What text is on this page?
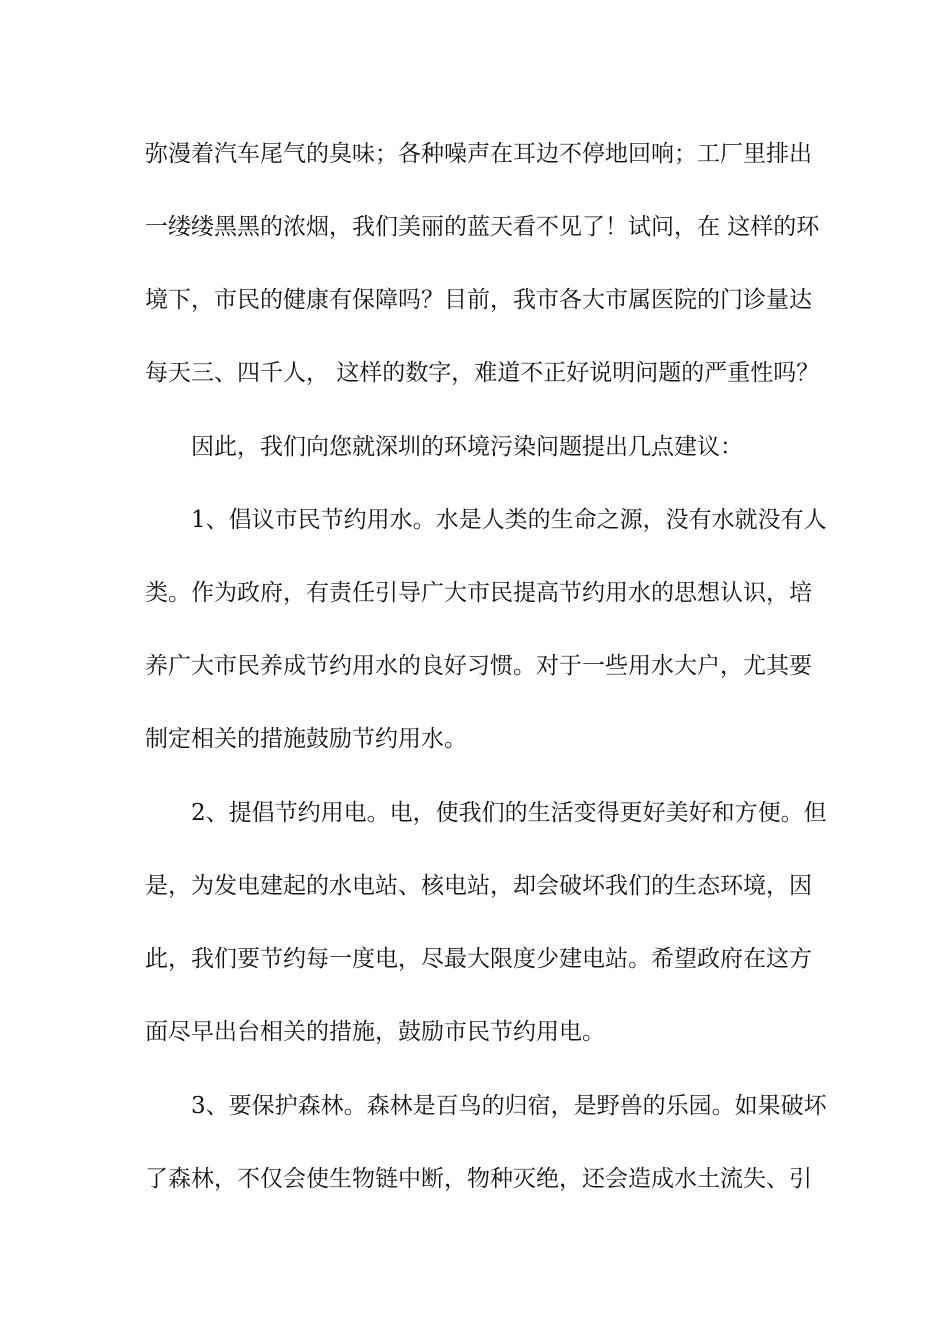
弥漫着汽车尾气的臭味；各种噪声在耳边不停地回响；工厂里排出
一缕缕黑黑的浓烟，我们美丽的蓝天看不见了！试问，在 这样的环
境下，市民的健康有保障吗？目前，我市各大市属医院的门诊量达
每天三、四千人， 这样的数字，难道不正好说明问题的严重性吗？
因此，我们向您就深圳的环境污染问题提出几点建议：
1、倡议市民节约用水。水是人类的生命之源，没有水就没有人
类。作为政府，有责任引导广大市民提高节约用水的思想认识，培
养广大市民养成节约用水的良好习惯。对于一些用水大户，尤其要
制定相关的措施鼓励节约用水。
2、提倡节约用电。电，使我们的生活变得更好美好和方便。但
是，为发电建起的水电站、核电站，却会破坏我们的生态环境，因
此，我们要节约每一度电，尽最大限度少建电站。希望政府在这方
面尽早出台相关的措施，鼓励市民节约用电。
3、要保护森林。森林是百鸟的归宿，是野兽的乐园。如果破坏
了森林，不仅会使生物链中断，物种灭绝，还会造成水土流失、引
